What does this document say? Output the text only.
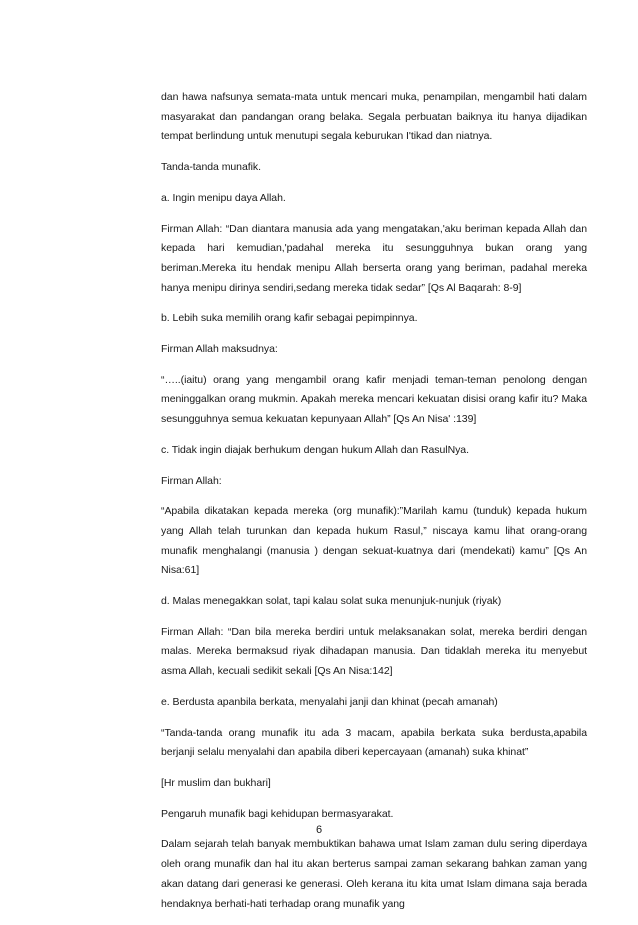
dan hawa nafsunya semata-mata untuk mencari muka, penampilan, mengambil hati dalam masyarakat dan pandangan orang belaka. Segala perbuatan baiknya itu hanya dijadikan tempat berlindung untuk menutupi segala keburukan I'tikad dan niatnya.

Tanda-tanda munafik.

a. Ingin menipu daya Allah.

Firman Allah: “Dan diantara manusia ada yang mengatakan,'aku beriman kepada Allah dan kepada hari kemudian,'padahal mereka itu sesungguhnya bukan orang yang beriman.Mereka itu hendak menipu Allah berserta orang yang beriman, padahal mereka hanya menipu dirinya sendiri,sedang mereka tidak sedar” [Qs Al Baqarah: 8-9]

b. Lebih suka memilih orang kafir sebagai pepimpinnya.

Firman Allah maksudnya:

“…..(iaitu) orang yang mengambil orang kafir menjadi teman-teman penolong dengan meninggalkan orang mukmin. Apakah mereka mencari kekuatan disisi orang kafir itu? Maka sesungguhnya semua kekuatan kepunyaan Allah” [Qs An Nisa' :139]

c. Tidak ingin diajak berhukum dengan hukum Allah dan RasulNya.

Firman Allah:

“Apabila dikatakan kepada mereka (org munafik):”Marilah kamu (tunduk) kepada hukum yang Allah telah turunkan dan kepada hukum Rasul,” niscaya kamu lihat orang-orang munafik menghalangi (manusia ) dengan sekuat-kuatnya dari (mendekati) kamu” [Qs An Nisa:61]

d. Malas menegakkan solat, tapi kalau solat suka menunjuk-nunjuk (riyak)

Firman Allah: “Dan bila mereka berdiri untuk melaksanakan solat, mereka berdiri dengan malas. Mereka bermaksud riyak dihadapan manusia. Dan tidaklah mereka itu menyebut asma Allah, kecuali sedikit sekali [Qs An Nisa:142]

e. Berdusta apanbila berkata, menyalahi janji dan khinat (pecah amanah)

“Tanda-tanda orang munafik itu ada 3 macam, apabila berkata suka berdusta,apabila berjanji selalu menyalahi dan apabila diberi kepercayaan (amanah) suka khinat”

[Hr muslim dan bukhari]

Pengaruh munafik bagi kehidupan bermasyarakat.

Dalam sejarah telah banyak membuktikan bahawa umat Islam zaman dulu sering diperdaya oleh orang munafik dan hal itu akan berterus sampai zaman sekarang bahkan zaman yang akan datang dari generasi ke generasi. Oleh kerana itu kita umat Islam dimana saja berada hendaknya berhati-hati terhadap orang munafik yang

6
